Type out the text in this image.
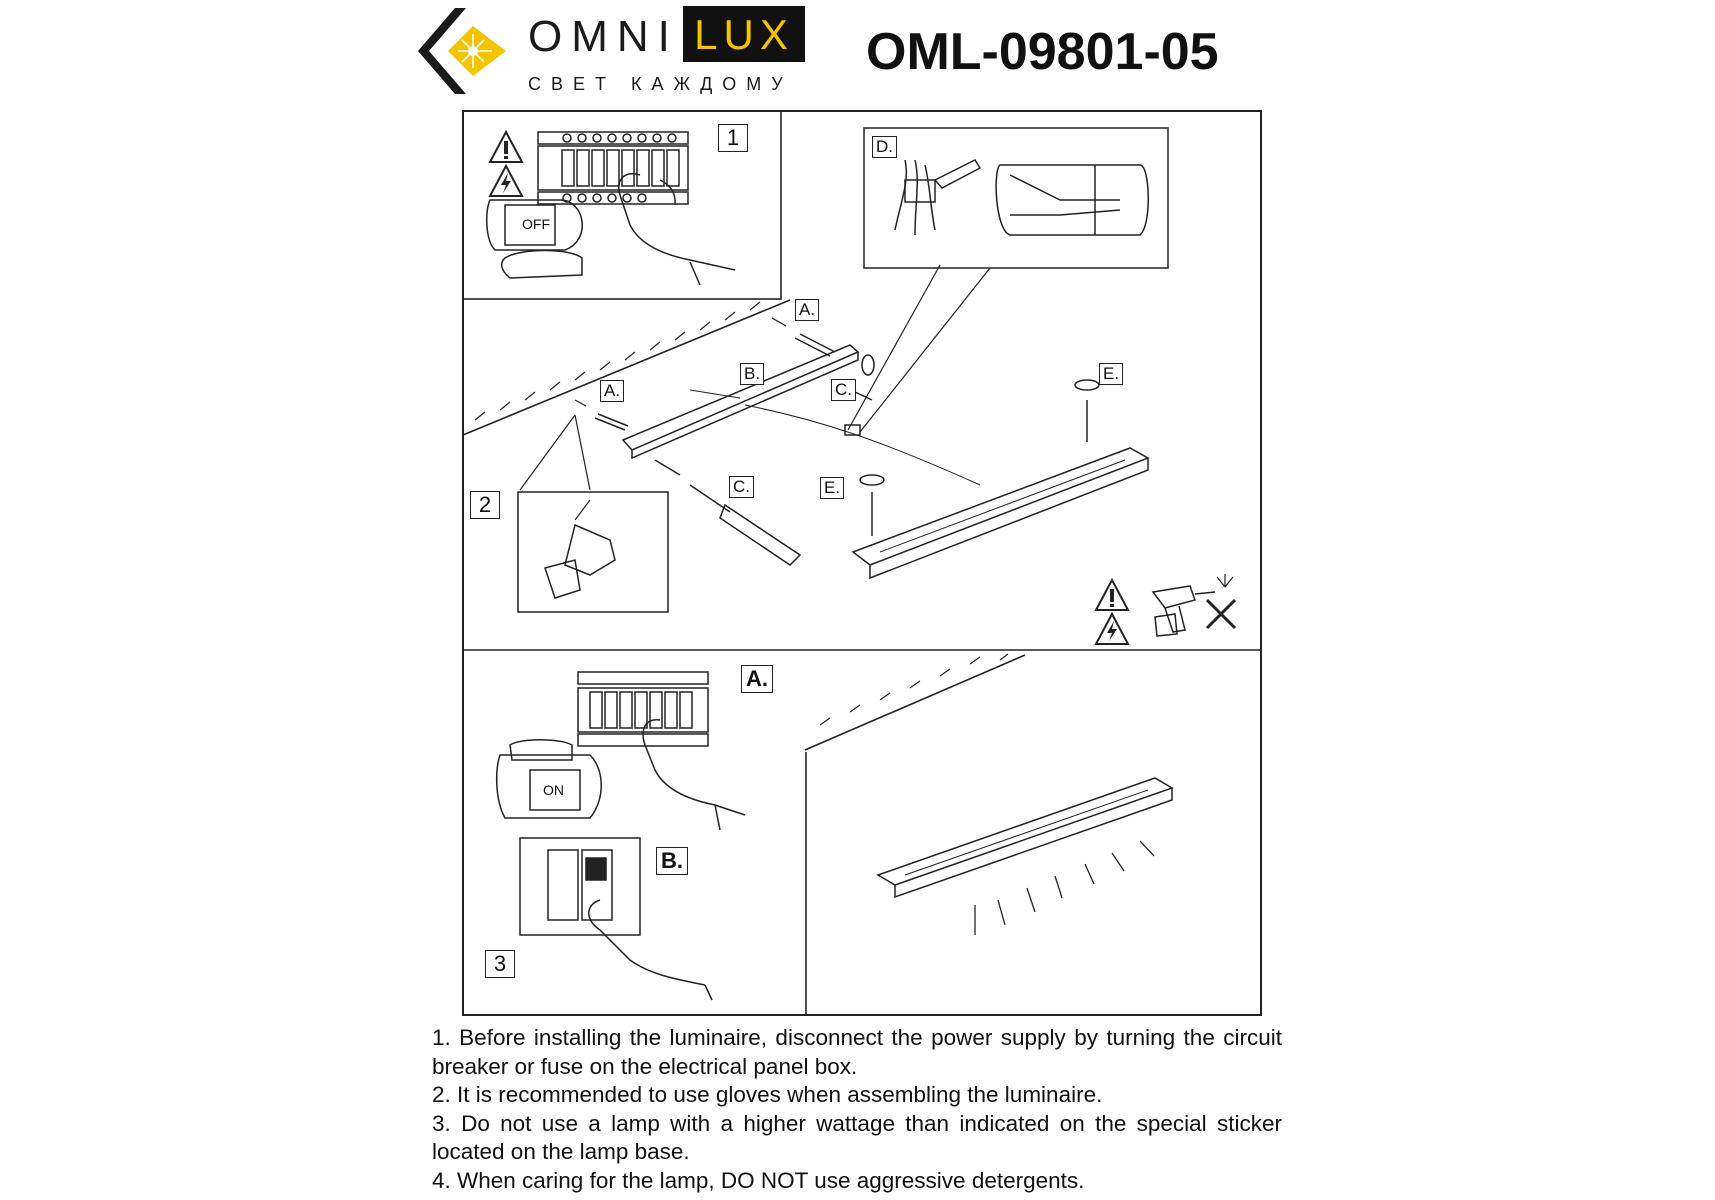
OMNI LUX
СВЕТ КАЖДОМУ
OML-09801-05
1
2
3
A.
A.
B.
C.
C.
D.
E.
E.
A.
B.
OFF
ON

1. Before installing the luminaire, disconnect the power supply by turning the circuit breaker or fuse on the electrical panel box.

2. It is recommended to use gloves when assembling the luminaire.

3. Do not use a lamp with a higher wattage than indicated on the special sticker located on the lamp base.

4. When caring for the lamp, DO NOT use aggressive detergents.
